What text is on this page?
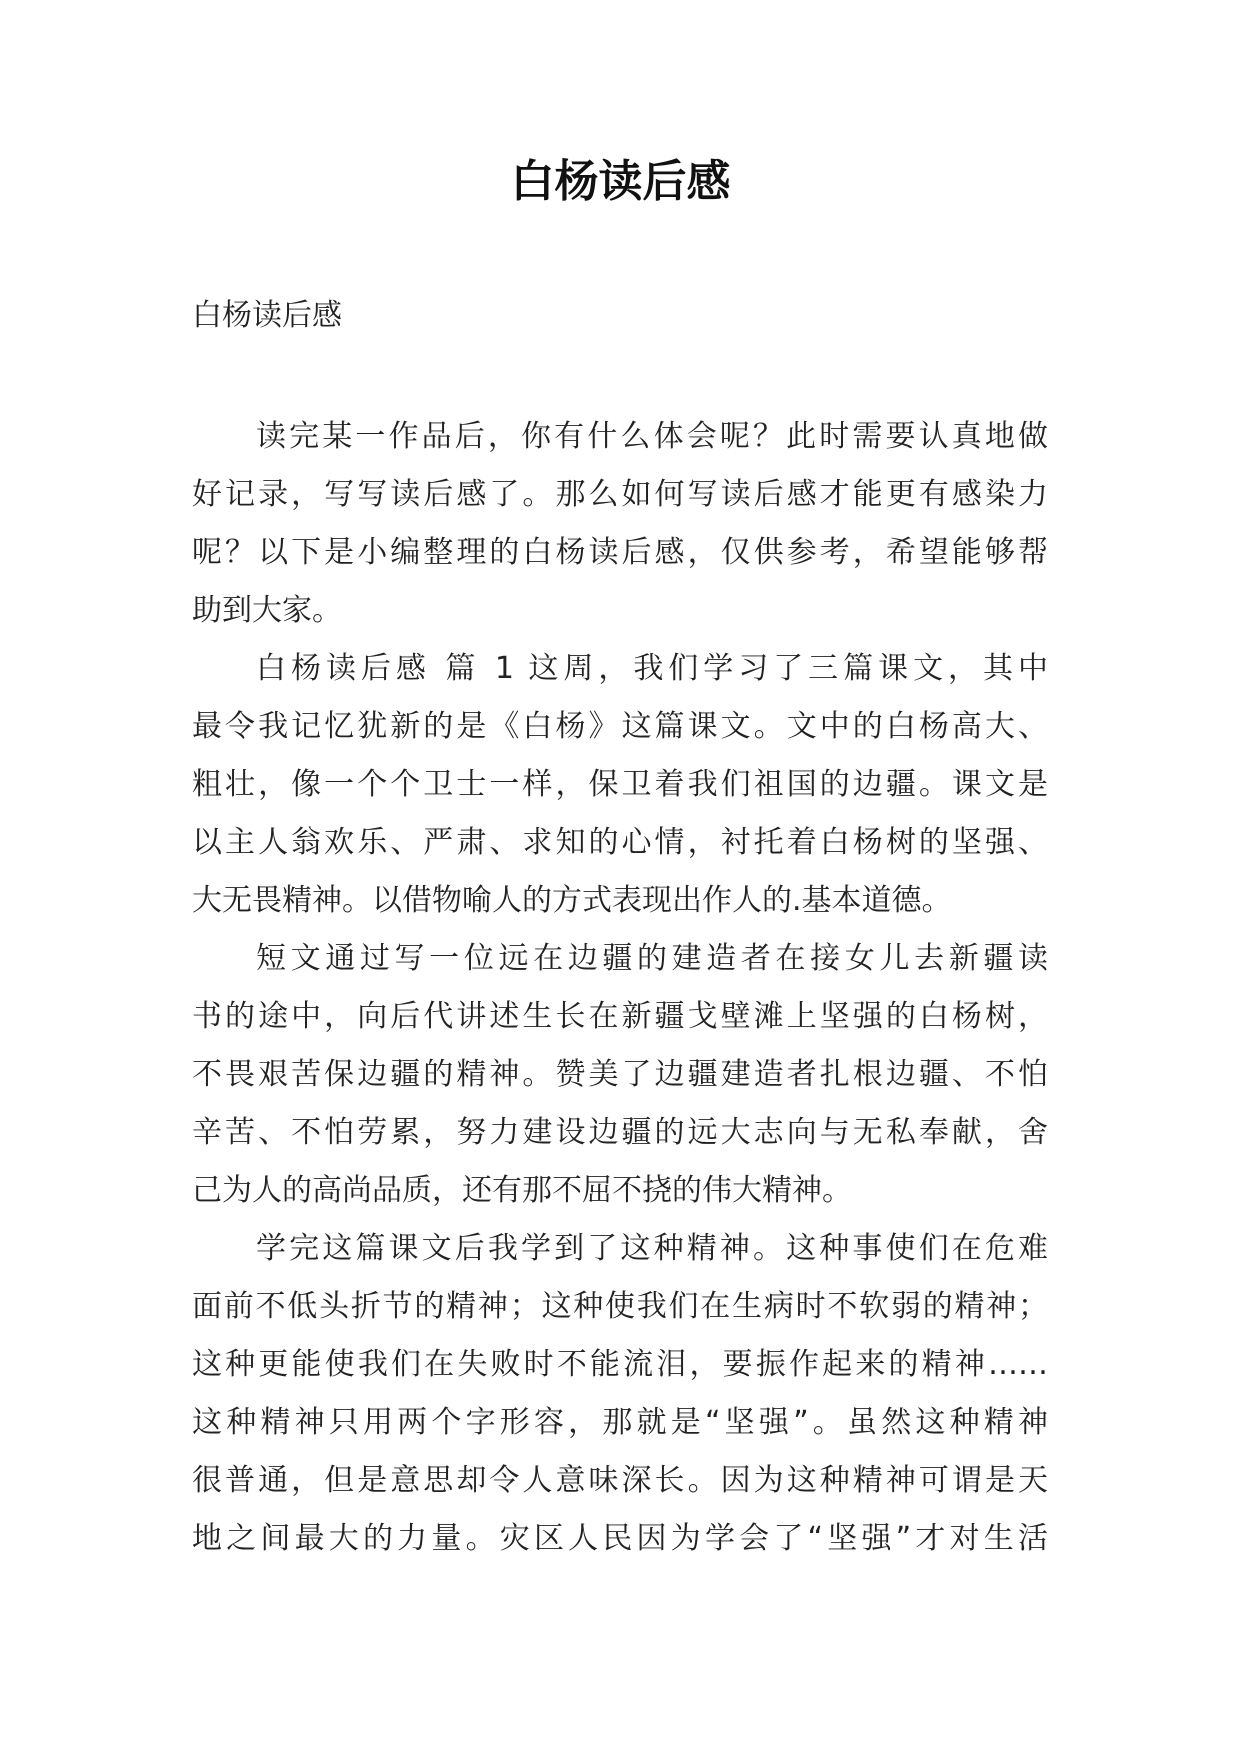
白杨读后感
白杨读后感
读完某一作品后，你有什么体会呢？此时需要认真地做
好记录，写写读后感了。那么如何写读后感才能更有感染力
呢？以下是小编整理的白杨读后感，仅供参考，希望能够帮
助到大家。
白杨读后感 篇 1 这周，我们学习了三篇课文，其中
最令我记忆犹新的是《白杨》这篇课文。文中的白杨高大、
粗壮，像一个个卫士一样，保卫着我们祖国的边疆。课文是
以主人翁欢乐、严肃、求知的心情，衬托着白杨树的坚强、
大无畏精神。以借物喻人的方式表现出作人的.基本道德。
短文通过写一位远在边疆的建造者在接女儿去新疆读
书的途中，向后代讲述生长在新疆戈壁滩上坚强的白杨树，
不畏艰苦保边疆的精神。赞美了边疆建造者扎根边疆、不怕
辛苦、不怕劳累，努力建设边疆的远大志向与无私奉献，舍
己为人的高尚品质，还有那不屈不挠的伟大精神。
学完这篇课文后我学到了这种精神。这种事使们在危难
面前不低头折节的精神；这种使我们在生病时不软弱的精神；
这种更能使我们在失败时不能流泪，要振作起来的精神……
这种精神只用两个字形容，那就是“坚强”。虽然这种精神
很普通，但是意思却令人意味深长。因为这种精神可谓是天
地之间最大的力量。灾区人民因为学会了“坚强”才对生活
